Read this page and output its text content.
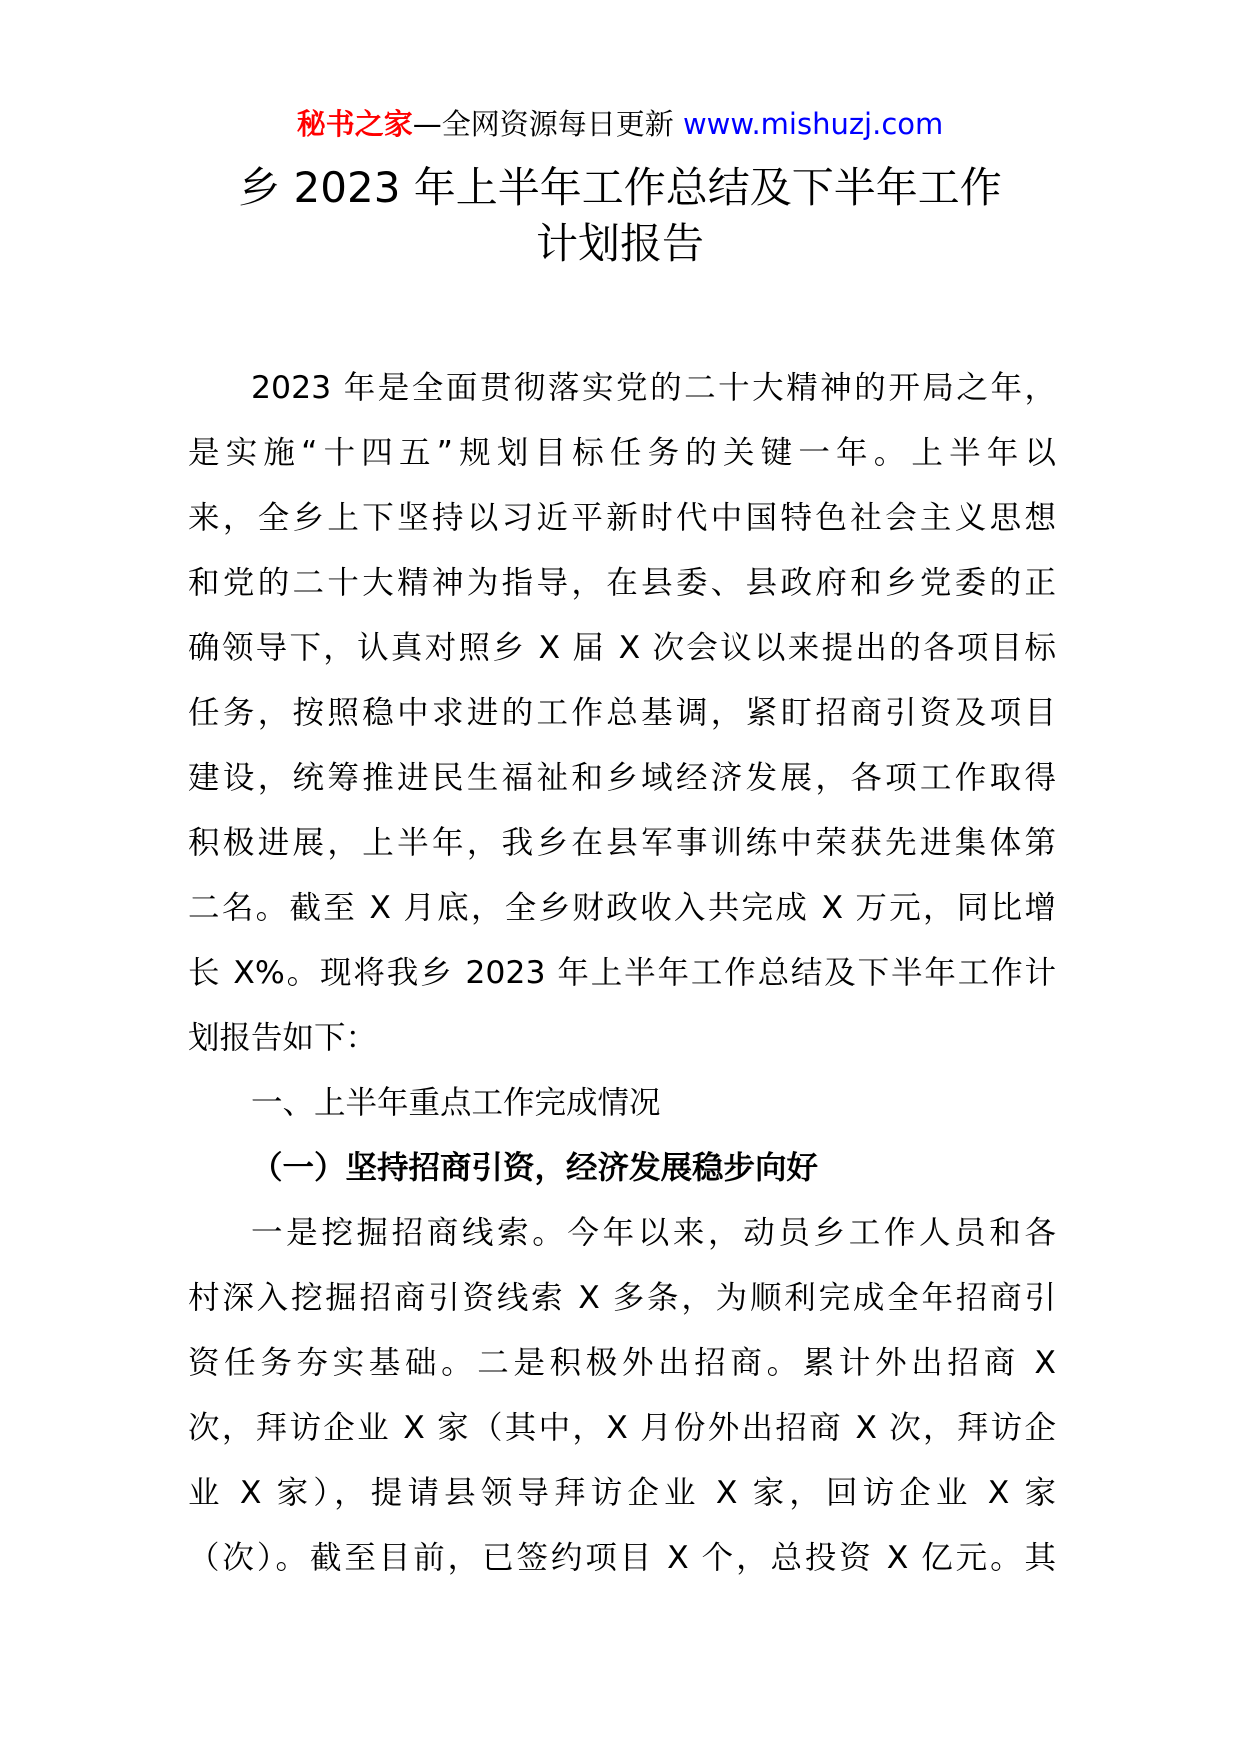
秘书之家—全网资源每日更新 www.mishuzj.com
乡 2023 年上半年工作总结及下半年工作
计划报告
2023 年是全面贯彻落实党的二十大精神的开局之年，
是实施“十四五”规划目标任务的关键一年。上半年以
来，全乡上下坚持以习近平新时代中国特色社会主义思想
和党的二十大精神为指导，在县委、县政府和乡党委的正
确领导下，认真对照乡 X 届 X 次会议以来提出的各项目标
任务，按照稳中求进的工作总基调，紧盯招商引资及项目
建设，统筹推进民生福祉和乡域经济发展，各项工作取得
积极进展，上半年，我乡在县军事训练中荣获先进集体第
二名。截至 X 月底，全乡财政收入共完成 X 万元，同比增
长 X%。现将我乡 2023 年上半年工作总结及下半年工作计
划报告如下：
一、上半年重点工作完成情况
（一）坚持招商引资，经济发展稳步向好
一是挖掘招商线索。今年以来，动员乡工作人员和各
村深入挖掘招商引资线索 X 多条，为顺利完成全年招商引
资任务夯实基础。二是积极外出招商。累计外出招商 X
次，拜访企业 X 家（其中，X 月份外出招商 X 次，拜访企
业 X 家），提请县领导拜访企业 X 家，回访企业 X 家
（次）。截至目前，已签约项目 X 个，总投资 X 亿元。其
